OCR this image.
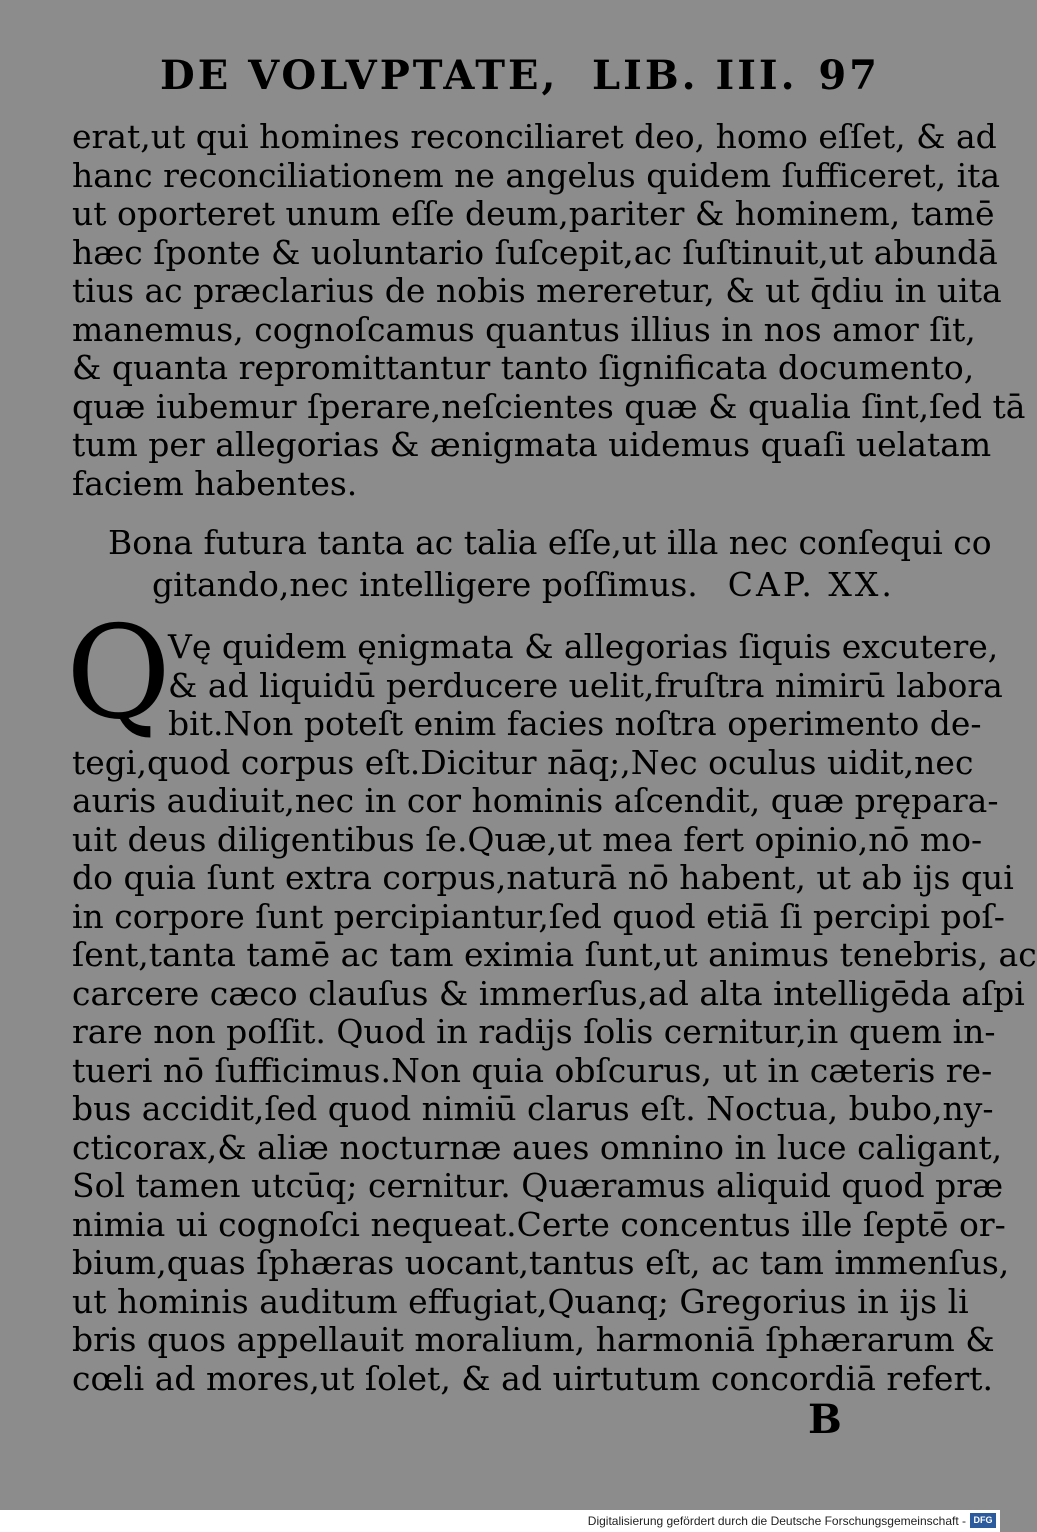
DE VOLVPTATE, LIB. III. 97
erat,ut qui homines reconciliaret deo, homo eſſet, & ad
hanc reconciliationem ne angelus quidem ſufficeret, ita
ut oporteret unum eſſe deum,pariter & hominem, tamē
hæc ſponte & uoluntario ſuſcepit,ac ſuſtinuit,ut abundā
tius ac præclarius de nobis mereretur, & ut q̄diu in uita
manemus, cognoſcamus quantus illius in nos amor ſit,
& quanta repromittantur tanto ſignificata documento,
quæ iubemur ſperare,neſcientes quæ & qualia ſint,ſed tā
tum per allegorias & ænigmata uidemus quaſi uelatam
faciem habentes.
Bona futura tanta ac talia eſſe,ut illa nec conſequi co
gitando,nec intelligere poſſimus. CAP. XX.
Q
Vę quidem ęnigmata & allegorias ſiquis excutere,
& ad liquidū perducere uelit,fruſtra nimirū labora
bit.Non poteſt enim facies noſtra operimento de-
tegi,quod corpus eſt.Dicitur nāq;,Nec oculus uidit,nec
auris audiuit,nec in cor hominis aſcendit, quæ prępara-
uit deus diligentibus ſe.Quæ,ut mea fert opinio,nō mo-
do quia ſunt extra corpus,naturā nō habent, ut ab ijs qui
in corpore ſunt percipiantur,ſed quod etiā ſi percipi poſ-
ſent,tanta tamē ac tam eximia ſunt,ut animus tenebris, ac
carcere cæco clauſus & immerſus,ad alta intelligēda aſpi
rare non poſſit. Quod in radijs ſolis cernitur,in quem in-
tueri nō ſufficimus.Non quia obſcurus, ut in cæteris re-
bus accidit,ſed quod nimiū clarus eſt. Noctua, bubo,ny-
cticorax,& aliæ nocturnæ aues omnino in luce caligant,
Sol tamen utcūq; cernitur. Quæramus aliquid quod præ
nimia ui cognoſci nequeat.Certe concentus ille ſeptē or-
bium,quas ſphæras uocant,tantus eſt, ac tam immenſus,
ut hominis auditum effugiat,Quanq; Gregorius in ijs li
bris quos appellauit moralium, harmoniā ſphærarum &
cœli ad mores,ut ſolet, & ad uirtutum concordiā refert.
B
Digitalisierung gefördert durch die Deutsche Forschungsgemeinschaft - DFG
